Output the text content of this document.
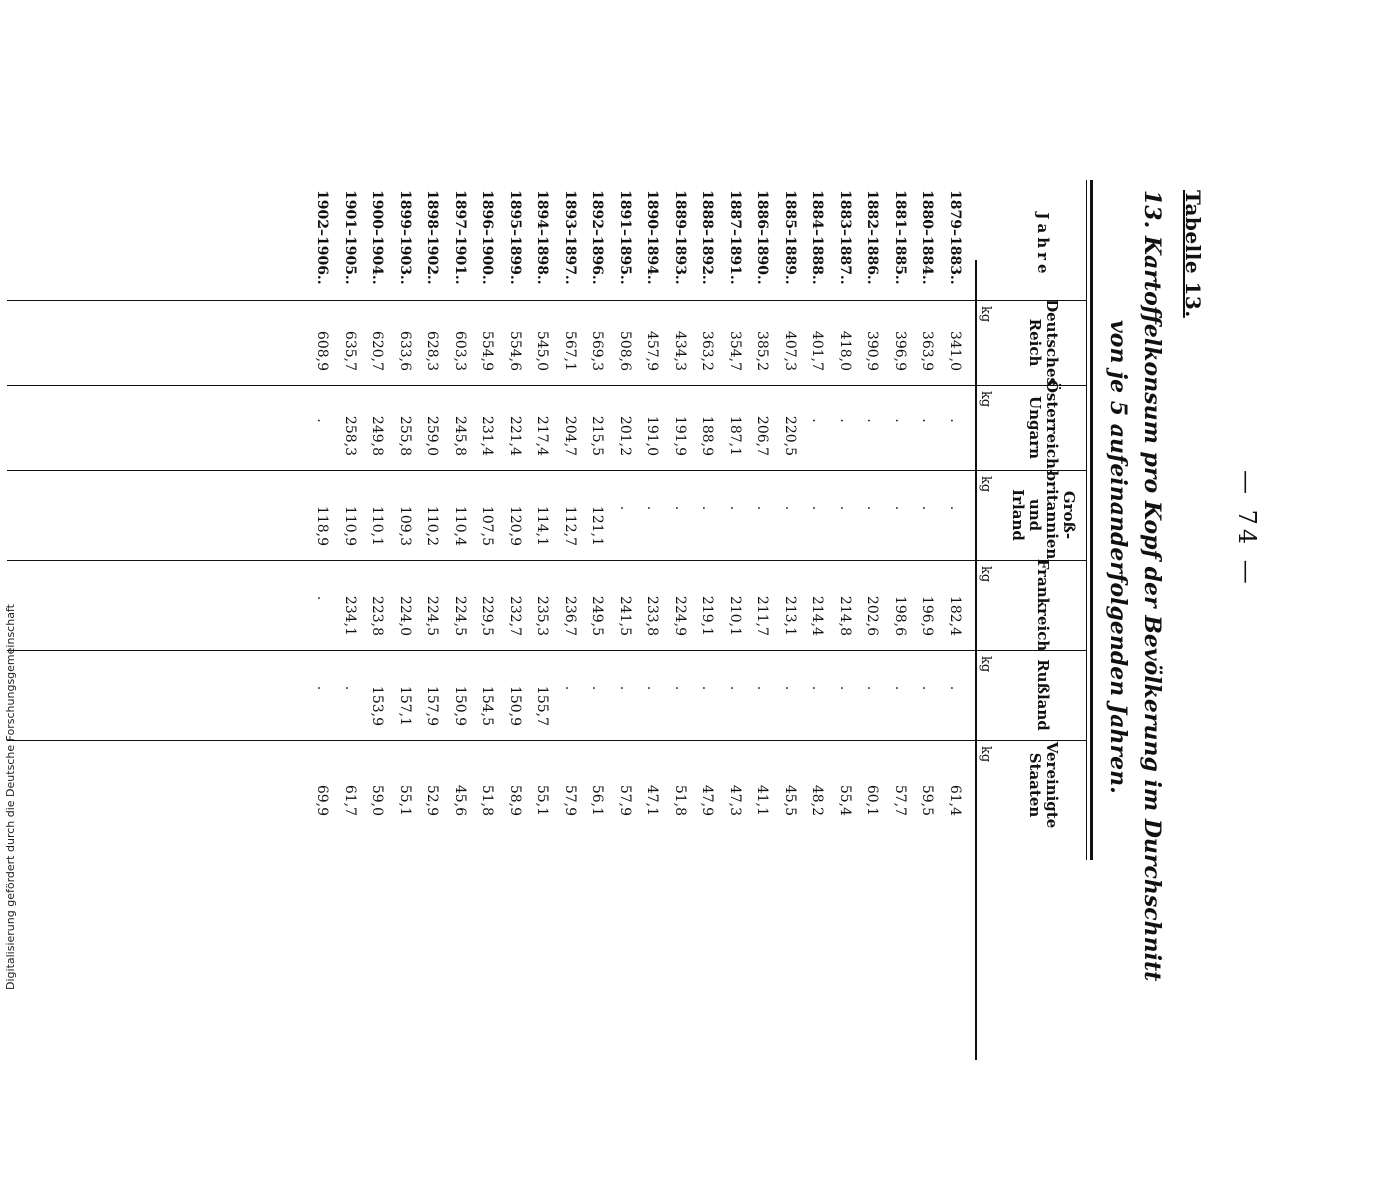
Tabelle 13.
— 74 —
13. Kartoffelkonsum pro Kopf der Bevölkerung im Durchschnitt
von je 5 aufeinanderfolgenden Jahren.
Jahre
Deutsches
Reich
kg
Österreich-
Ungarn
kg
Groß-
britannien
und
Irland
kg
Frankreich
kg
Rußland
kg
Vereinigte
Staaten
kg
1879–1883..
341,0
.
.
182,4
.
61,4
1880–1884..
363,9
.
.
196,9
.
59,5
1881–1885..
396,9
.
.
198,6
.
57,7
1882–1886..
390,9
.
.
202,6
.
60,1
1883–1887..
418,0
.
.
214,8
.
55,4
1884–1888..
401,7
.
.
214,4
.
48,2
1885–1889..
407,3
220,5
.
213,1
.
45,5
1886–1890..
385,2
206,7
.
211,7
.
41,1
1887–1891..
354,7
187,1
.
210,1
.
47,3
1888–1892..
363,2
188,9
.
219,1
.
47,9
1889–1893..
434,3
191,9
.
224,9
.
51,8
1890–1894..
457,9
191,0
.
233,8
.
47,1
1891–1895..
508,6
201,2
.
241,5
.
57,9
1892–1896..
569,3
215,5
121,1
249,5
.
56,1
1893–1897..
567,1
204,7
112,7
236,7
.
57,9
1894–1898..
545,0
217,4
114,1
235,3
155,7
55,1
1895–1899..
554,6
221,4
120,9
232,7
150,9
58,9
1896–1900..
554,9
231,4
107,5
229,5
154,5
51,8
1897–1901..
603,3
245,8
110,4
224,5
150,9
45,6
1898–1902..
628,3
259,0
110,2
224,5
157,9
52,9
1899–1903..
633,6
255,8
109,3
224,0
157,1
55,1
1900–1904..
620,7
249,8
110,1
223,8
153,9
59,0
1901–1905..
635,7
258,3
110,9
234,1
.
61,7
1902–1906..
608,9
.
118,9
.
.
69,9
Digitalisierung gefördert durch die Deutsche Forschungsgemeinschaft
